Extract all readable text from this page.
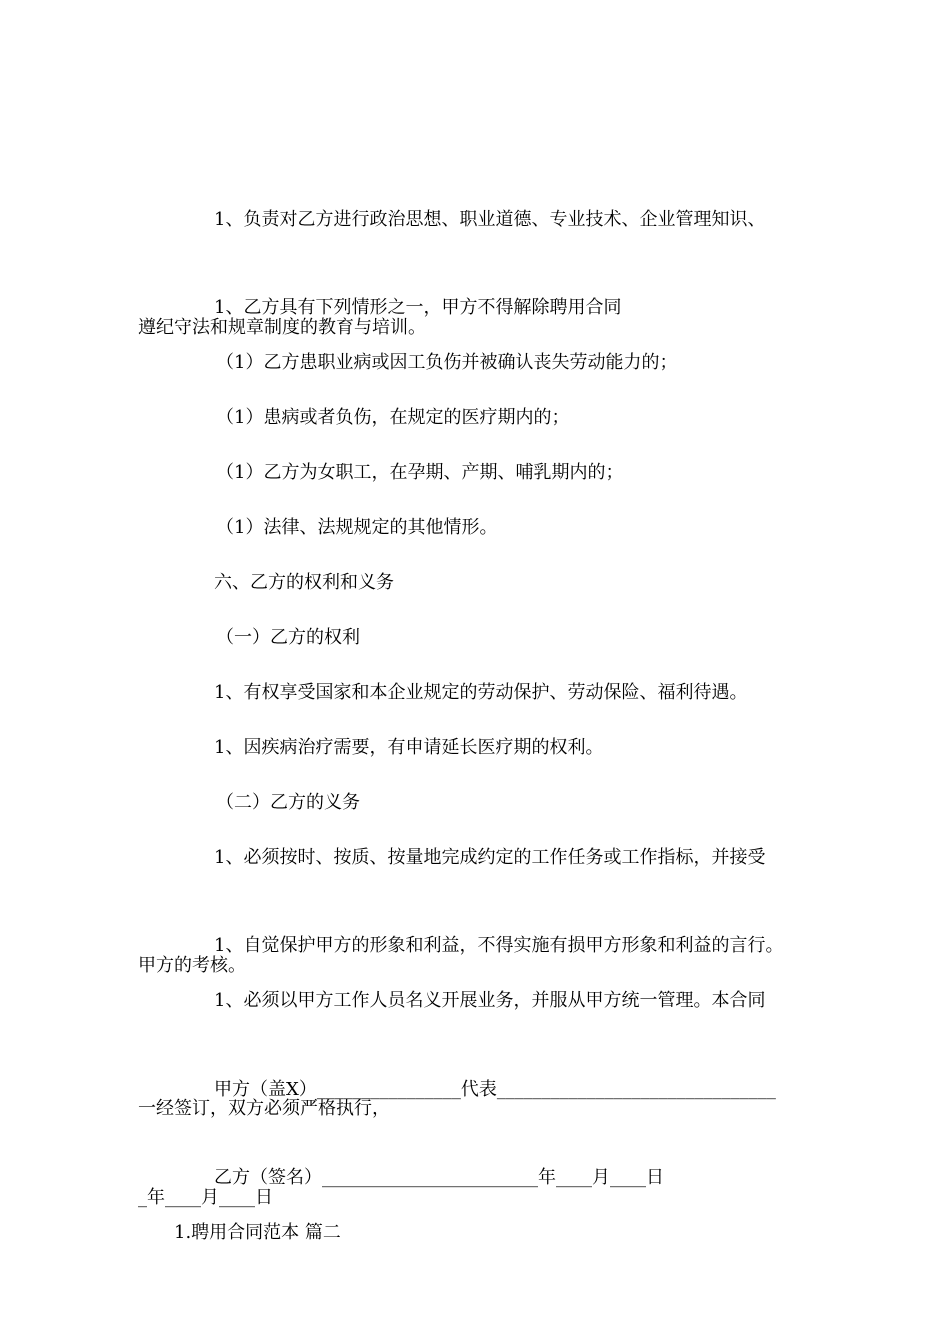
1、负责对乙方进行政治思想、职业道德、专业技术、企业管理知识、

遵纪守法和规章制度的教育与培训。

1、乙方具有下列情形之一，甲方不得解除聘用合同

（1）乙方患职业病或因工负伤并被确认丧失劳动能力的；

（1）患病或者负伤，在规定的医疗期内的；

（1）乙方为女职工，在孕期、产期、哺乳期内的；

（1）法律、法规规定的其他情形。

六、乙方的权利和义务

（一）乙方的权利

1、有权享受国家和本企业规定的劳动保护、劳动保险、福利待遇。

1、因疾病治疗需要，有申请延长医疗期的权利。

（二）乙方的义务

1、必须按时、按质、按量地完成约定的工作任务或工作指标，并接受

甲方的考核。

1、自觉保护甲方的形象和利益，不得实施有损甲方形象和利益的言行。

1、必须以甲方工作人员名义开展业务，并服从甲方统一管理。本合同

一经签订，双方必须严格执行，

甲方（盖X）________________代表_______________________________

_年____月____日

乙方（签名）________________________年____月____日

1.聘用合同范本 篇二
